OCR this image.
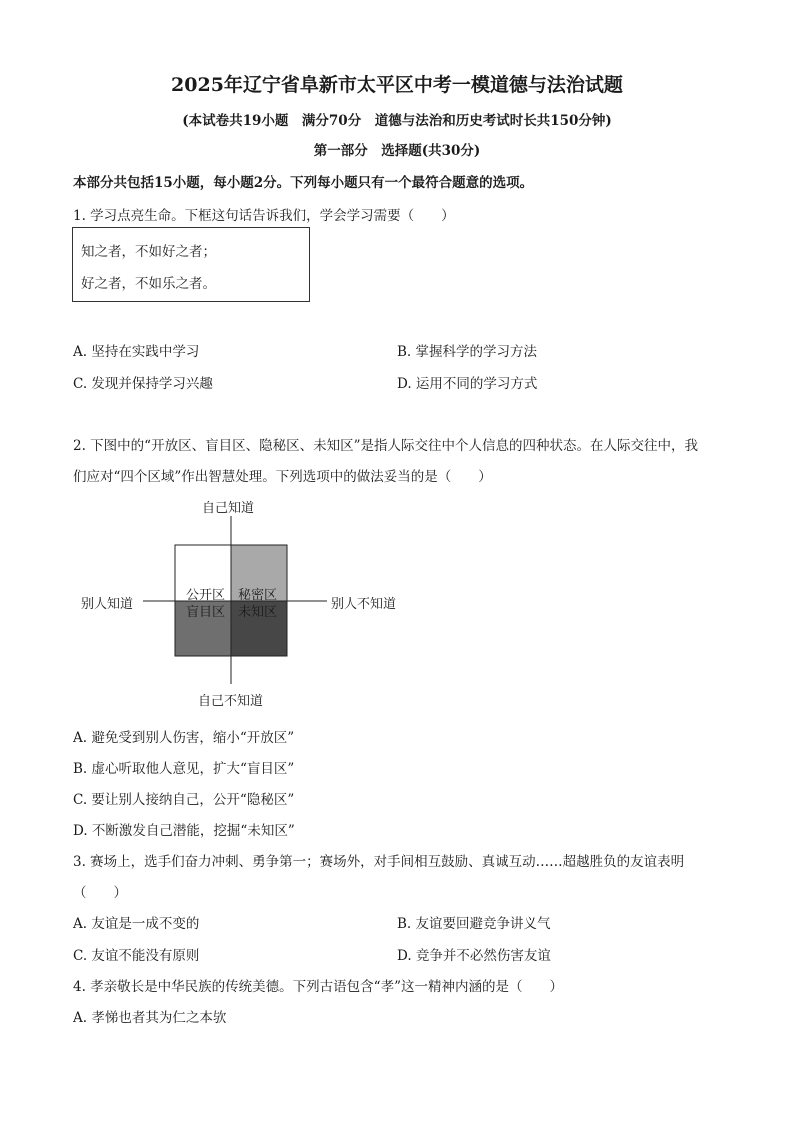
2025年辽宁省阜新市太平区中考一模道德与法治试题
(本试卷共19小题　满分70分　道德与法治和历史考试时长共150分钟)
第一部分　选择题(共30分)
本部分共包括15小题，每小题2分。下列每小题只有一个最符合题意的选项。
1. 学习点亮生命。下框这句话告诉我们，学会学习需要（　　）
知之者，不如好之者；
好之者，不如乐之者。
A. 坚持在实践中学习	B. 掌握科学的学习方法
C. 发现并保持学习兴趣	D. 运用不同的学习方式
2. 下图中的“开放区、盲目区、隐秘区、未知区”是指人际交往中个人信息的四种状态。在人际交往中，我
们应对“四个区域”作出智慧处理。下列选项中的做法妥当的是（　　）
自己知道
自己不知道
别人知道	别人不知道
公开区 秘密区
盲目区 未知区
A. 避免受到别人伤害，缩小“开放区”
B. 虚心听取他人意见，扩大“盲目区”
C. 要让别人接纳自己，公开“隐秘区”
D. 不断激发自己潜能，挖掘“未知区”
3. 赛场上，选手们奋力冲刺、勇争第一；赛场外，对手间相互鼓励、真诚互动……超越胜负的友谊表明
（　　）
A. 友谊是一成不变的	B. 友谊要回避竞争讲义气
C. 友谊不能没有原则	D. 竞争并不必然伤害友谊
4. 孝亲敬长是中华民族的传统美德。下列古语包含“孝”这一精神内涵的是（　　）
A. 孝悌也者其为仁之本欤
